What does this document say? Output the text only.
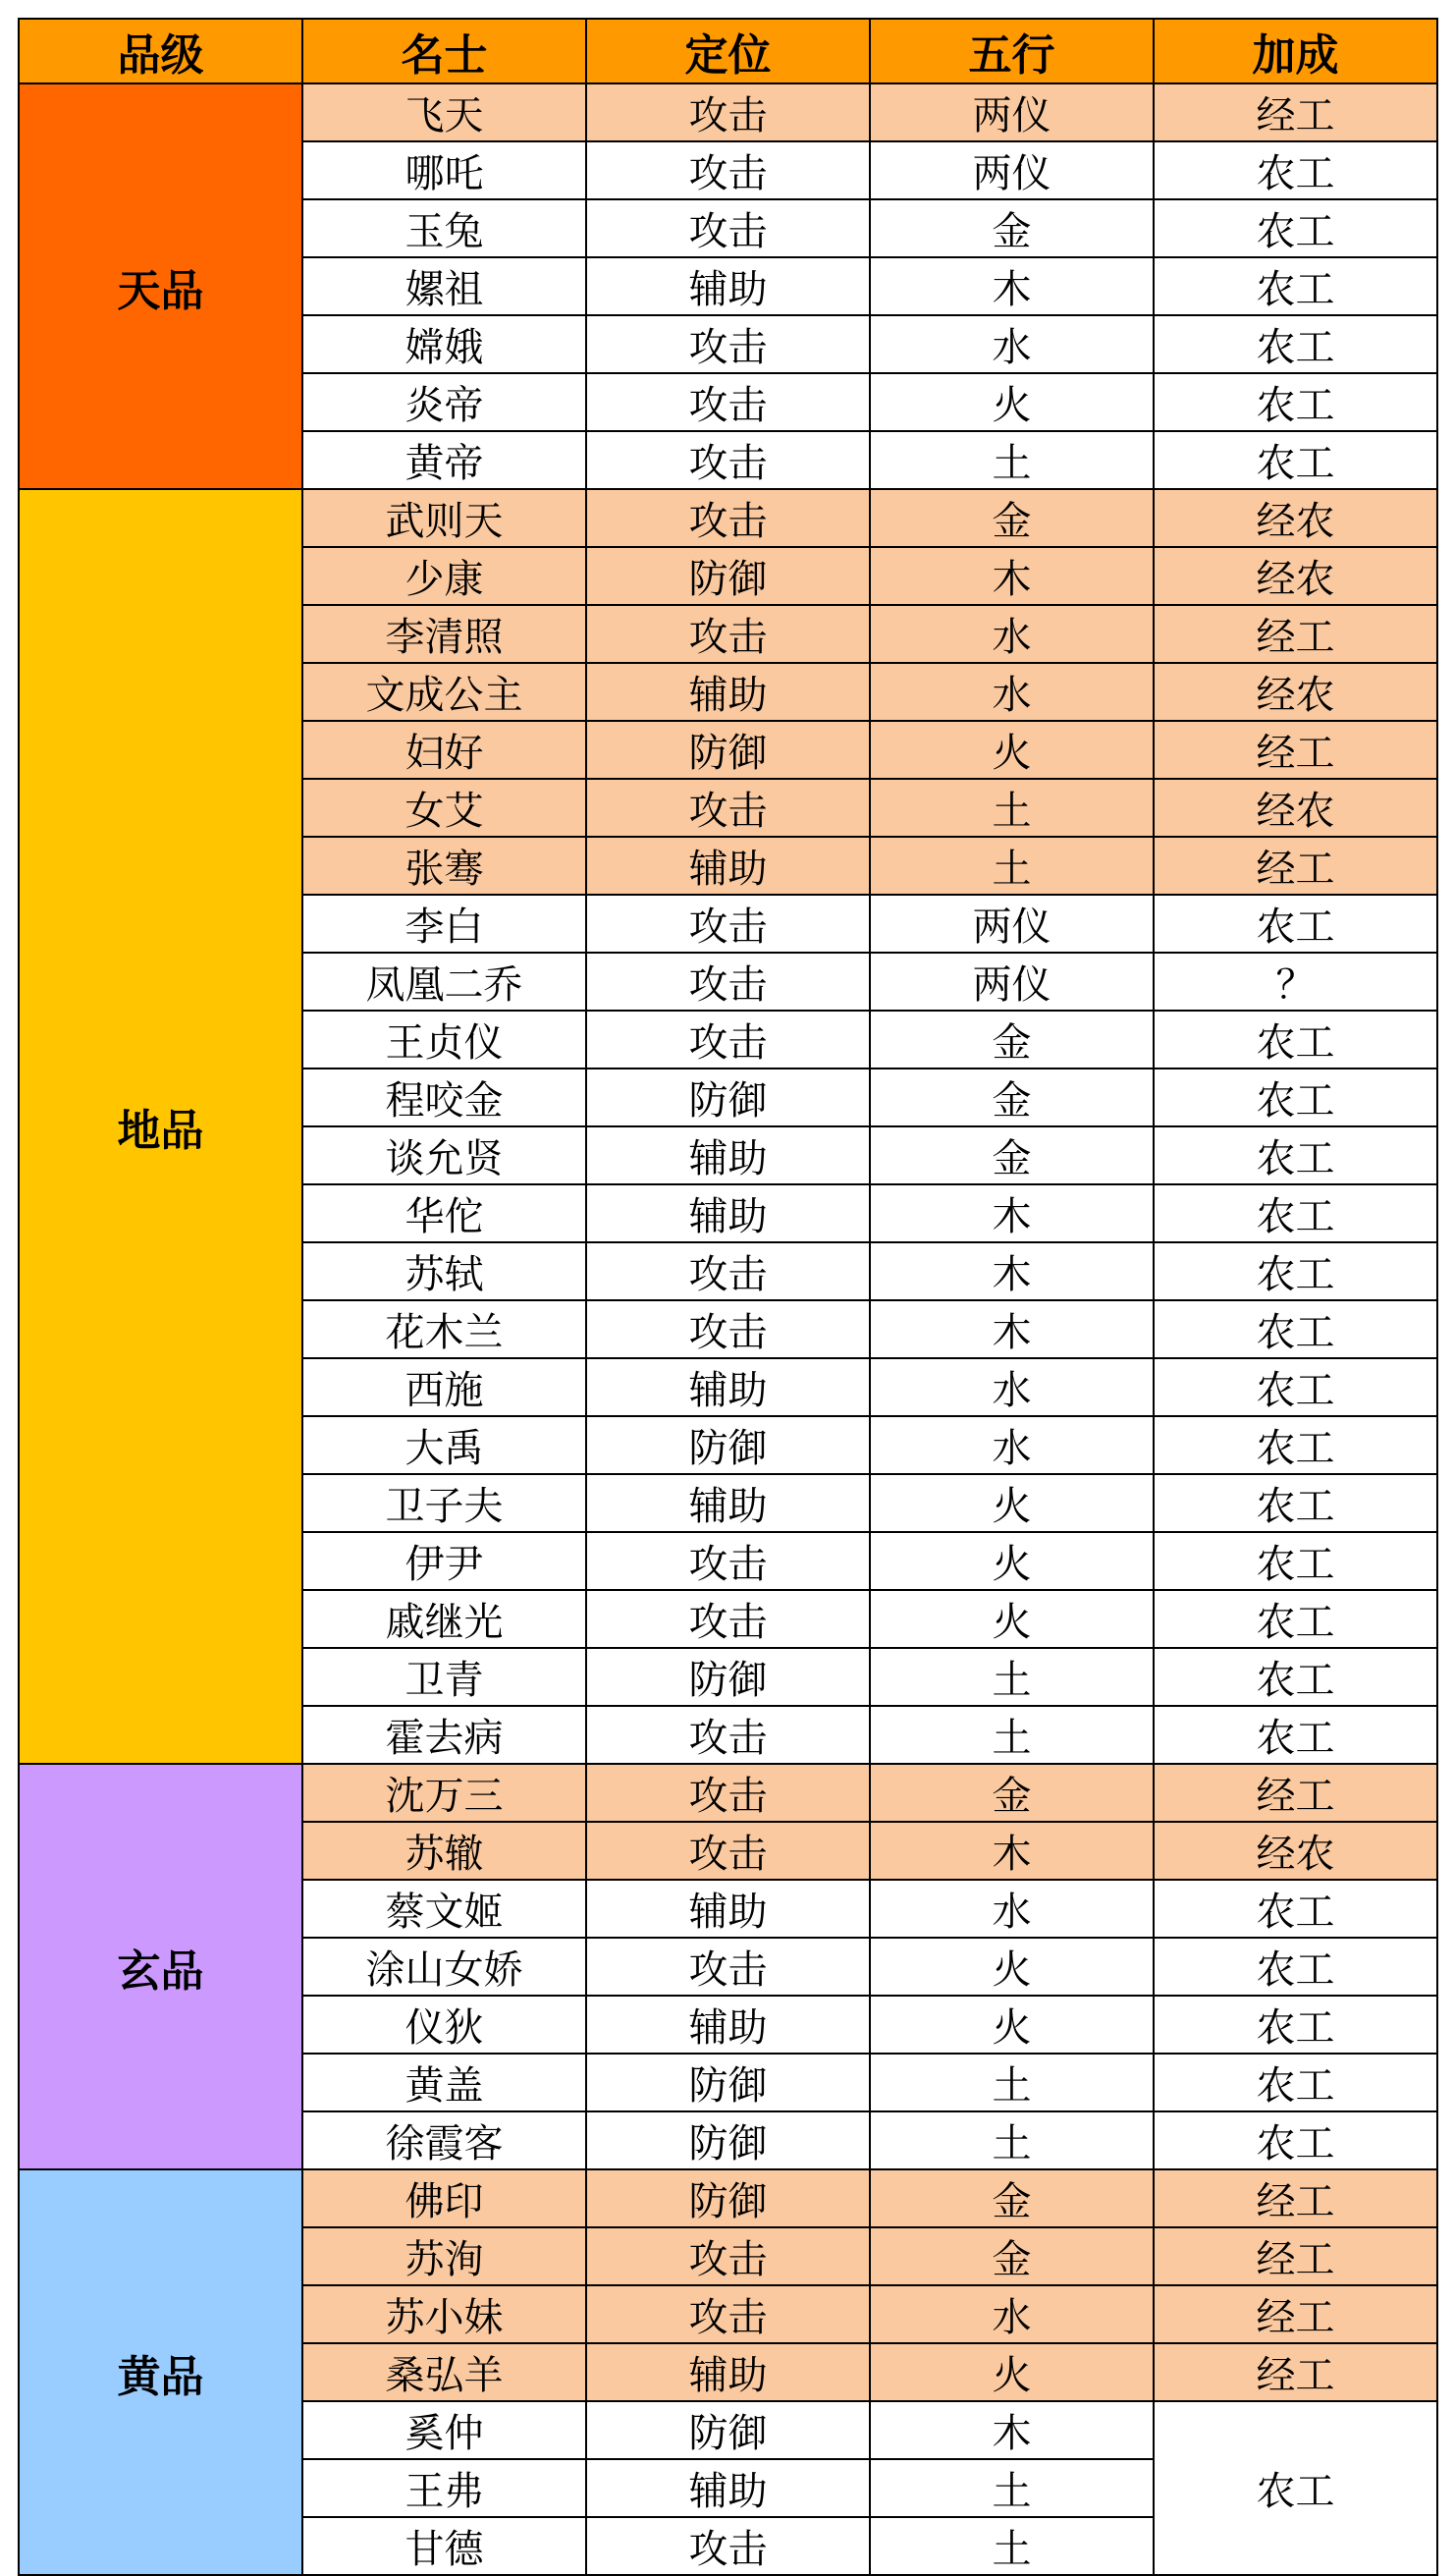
品级	名士	定位	五行	加成
天品	飞天	攻击	两仪	经工
	哪吒	攻击	两仪	农工
	玉兔	攻击	金	农工
	嫘祖	辅助	木	农工
	嫦娥	攻击	水	农工
	炎帝	攻击	火	农工
	黄帝	攻击	土	农工
地品	武则天	攻击	金	经农
	少康	防御	木	经农
	李清照	攻击	水	经工
	文成公主	辅助	水	经农
	妇好	防御	火	经工
	女艾	攻击	土	经农
	张骞	辅助	土	经工
	李白	攻击	两仪	农工
	凤凰二乔	攻击	两仪	？
	王贞仪	攻击	金	农工
	程咬金	防御	金	农工
	谈允贤	辅助	金	农工
	华佗	辅助	木	农工
	苏轼	攻击	木	农工
	花木兰	攻击	木	农工
	西施	辅助	水	农工
	大禹	防御	水	农工
	卫子夫	辅助	火	农工
	伊尹	攻击	火	农工
	戚继光	攻击	火	农工
	卫青	防御	土	农工
	霍去病	攻击	土	农工
玄品	沈万三	攻击	金	经工
	苏辙	攻击	木	经农
	蔡文姬	辅助	水	农工
	涂山女娇	攻击	火	农工
	仪狄	辅助	火	农工
	黄盖	防御	土	农工
	徐霞客	防御	土	农工
黄品	佛印	防御	金	经工
	苏洵	攻击	金	经工
	苏小妹	攻击	水	经工
	桑弘羊	辅助	火	经工
	奚仲	防御	木	农工
	王弗	辅助	土	
	甘德	攻击	土	
